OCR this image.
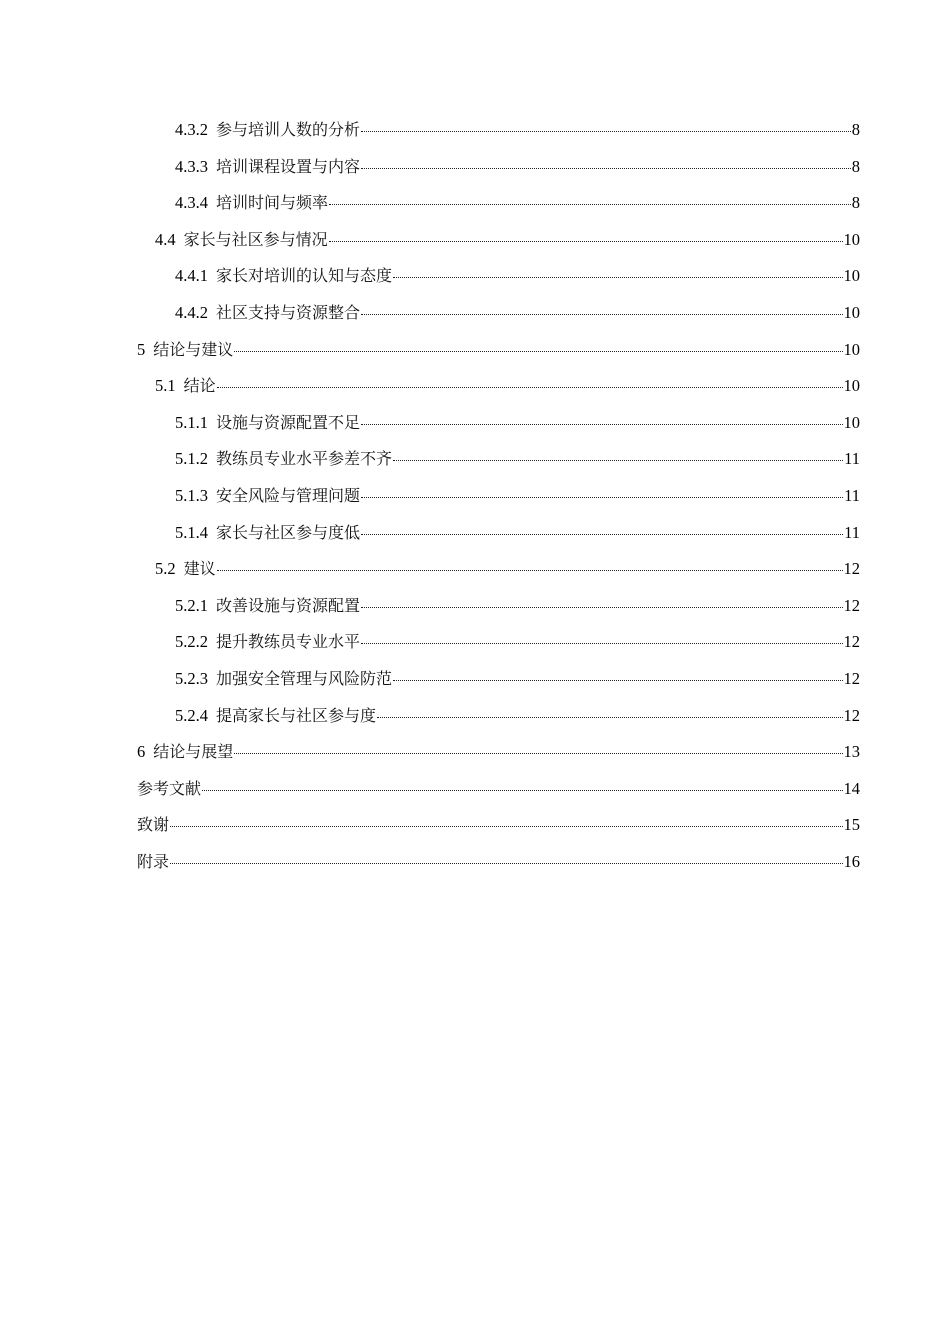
4.3.2 参与培训人数的分析	8
4.3.3 培训课程设置与内容	8
4.3.4 培训时间与频率	8
4.4 家长与社区参与情况	10
4.4.1 家长对培训的认知与态度	10
4.4.2 社区支持与资源整合	10
5 结论与建议	10
5.1 结论	10
5.1.1 设施与资源配置不足	10
5.1.2 教练员专业水平参差不齐	11
5.1.3 安全风险与管理问题	11
5.1.4 家长与社区参与度低	11
5.2 建议	12
5.2.1 改善设施与资源配置	12
5.2.2 提升教练员专业水平	12
5.2.3 加强安全管理与风险防范	12
5.2.4 提高家长与社区参与度	12
6 结论与展望	13
参考文献	14
致谢	15
附录	16
